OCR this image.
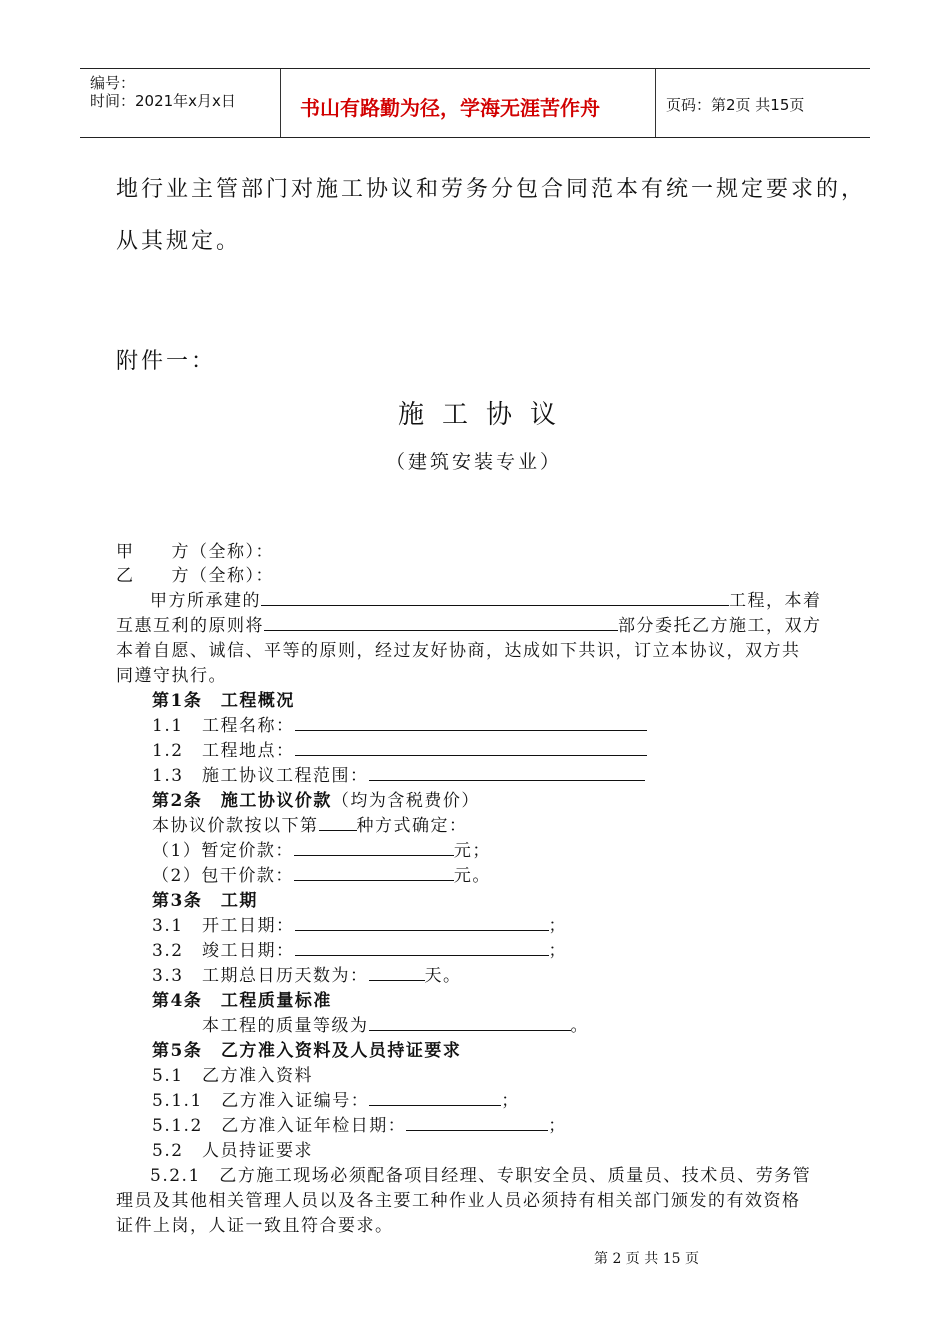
编号：
时间：2021年x月x日	书山有路勤为径，学海无涯苦作舟	页码：第2页 共15页
地行业主管部门对施工协议和劳务分包合同范本有统一规定要求的，
从其规定。
附件一：
施工协议
（建筑安装专业）
甲　　方（全称）：
乙　　方（全称）：
甲方所承建的	工程，本着
互惠互利的原则将	部分委托乙方施工，双方
本着自愿、诚信、平等的原则，经过友好协商，达成如下共识，订立本协议，双方共
同遵守执行。
第1条　工程概况
1.1　工程名称：
1.2　工程地点：
1.3　施工协议工程范围：
第2条　施工协议价款（均为含税费价）
本协议价款按以下第 种方式确定：
（1）暂定价款：	元；
（2）包干价款：	元。
第3条　工期
3.1　开工日期：	；
3.2　竣工日期：	；
3.3　工期总日历天数为：	天。
第4条　工程质量标准
本工程的质量等级为	。
第5条　乙方准入资料及人员持证要求
5.1　乙方准入资料
5.1.1　乙方准入证编号：	；
5.1.2　乙方准入证年检日期：	；
5.2　人员持证要求
5.2.1　乙方施工现场必须配备项目经理、专职安全员、质量员、技术员、劳务管
理员及其他相关管理人员以及各主要工种作业人员必须持有相关部门颁发的有效资格
证件上岗，人证一致且符合要求。
第 2 页 共 15 页
